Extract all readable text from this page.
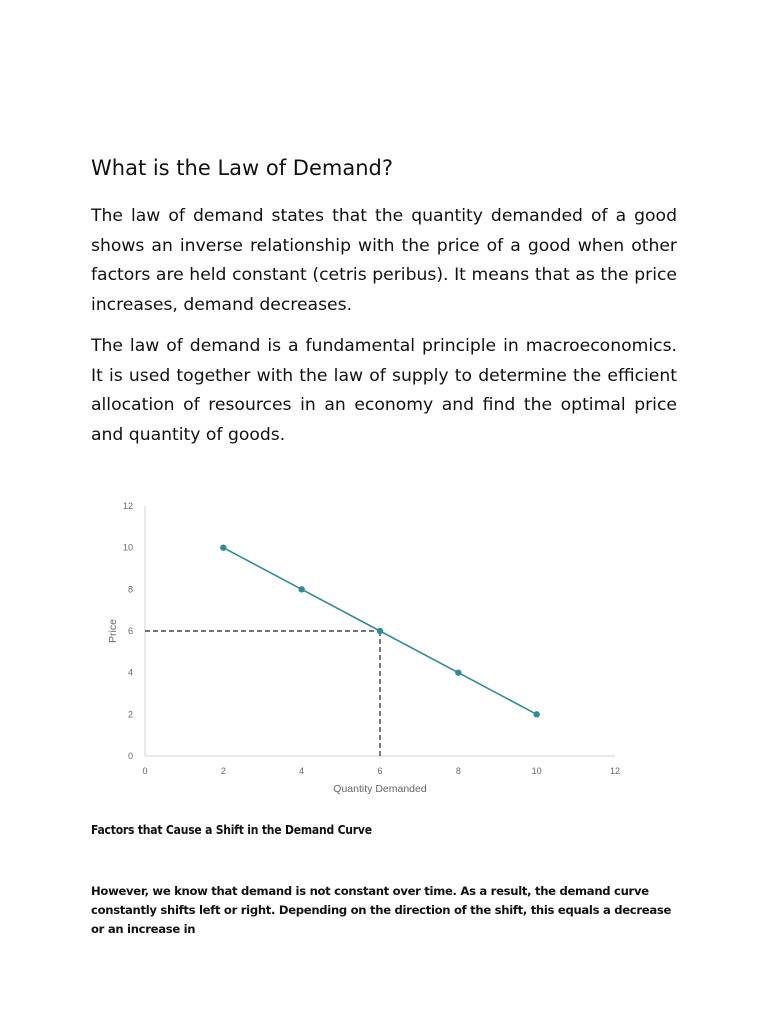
What is the Law of Demand?

The law of demand states that the quantity demanded of a good shows an inverse relationship with the price of a good when other factors are held constant (cetris peribus). It means that as the price increases, demand decreases.

The law of demand is a fundamental principle in macroeconomics. It is used together with the law of supply to determine the efficient allocation of resources in an economy and find the optimal price and quantity of goods.

0
2
4
6
8
10
12
0	2	4	6	8	10	12
Quantity Demanded
Price
Factors that Cause a Shift in the Demand Curve

However, we know that demand is not constant over time. As a result, the demand curve constantly shifts left or right. Depending on the direction of the shift, this equals a decrease or an increase in
